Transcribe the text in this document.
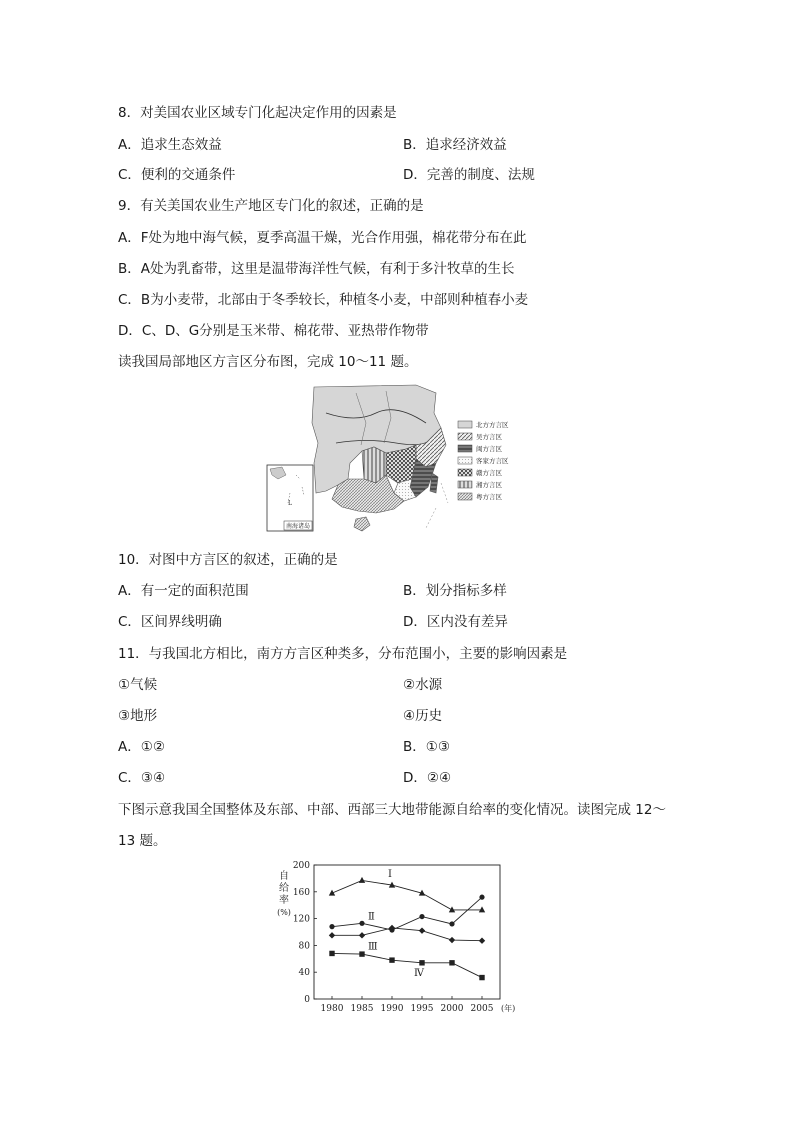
8．对美国农业区域专门化起决定作用的因素是
A．追求生态效益	B．追求经济效益
C．便利的交通条件	D．完善的制度、法规
9．有关美国农业生产地区专门化的叙述，正确的是
A．F处为地中海气候，夏季高温干燥，光合作用强，棉花带分布在此
B．A处为乳畜带，这里是温带海洋性气候，有利于多汁牧草的生长
C．B为小麦带，北部由于冬季较长，种植冬小麦，中部则种植春小麦
D．C、D、G分别是玉米带、棉花带、亚热带作物带
读我国局部地区方言区分布图，完成 10～11 题。
L
南海诸岛
北方方言区
吴方言区
闽方言区
客家方言区
赣方言区
湘方言区
粤方言区
10．对图中方言区的叙述，正确的是
A．有一定的面积范围	B．划分指标多样
C．区间界线明确	D．区内没有差异
11．与我国北方相比，南方方言区种类多，分布范围小，主要的影响因素是
①气候	②水源
③地形	④历史
A．①②	B．①③
C．③④	D．②④
下图示意我国全国整体及东部、中部、西部三大地带能源自给率的变化情况。读图完成 12～
13 题。
0
40
80
120
160
200
1980 1985 1990 1995 2000 2005 (年)
自
给
率
(%)
Ⅰ
Ⅱ
Ⅲ
Ⅳ
